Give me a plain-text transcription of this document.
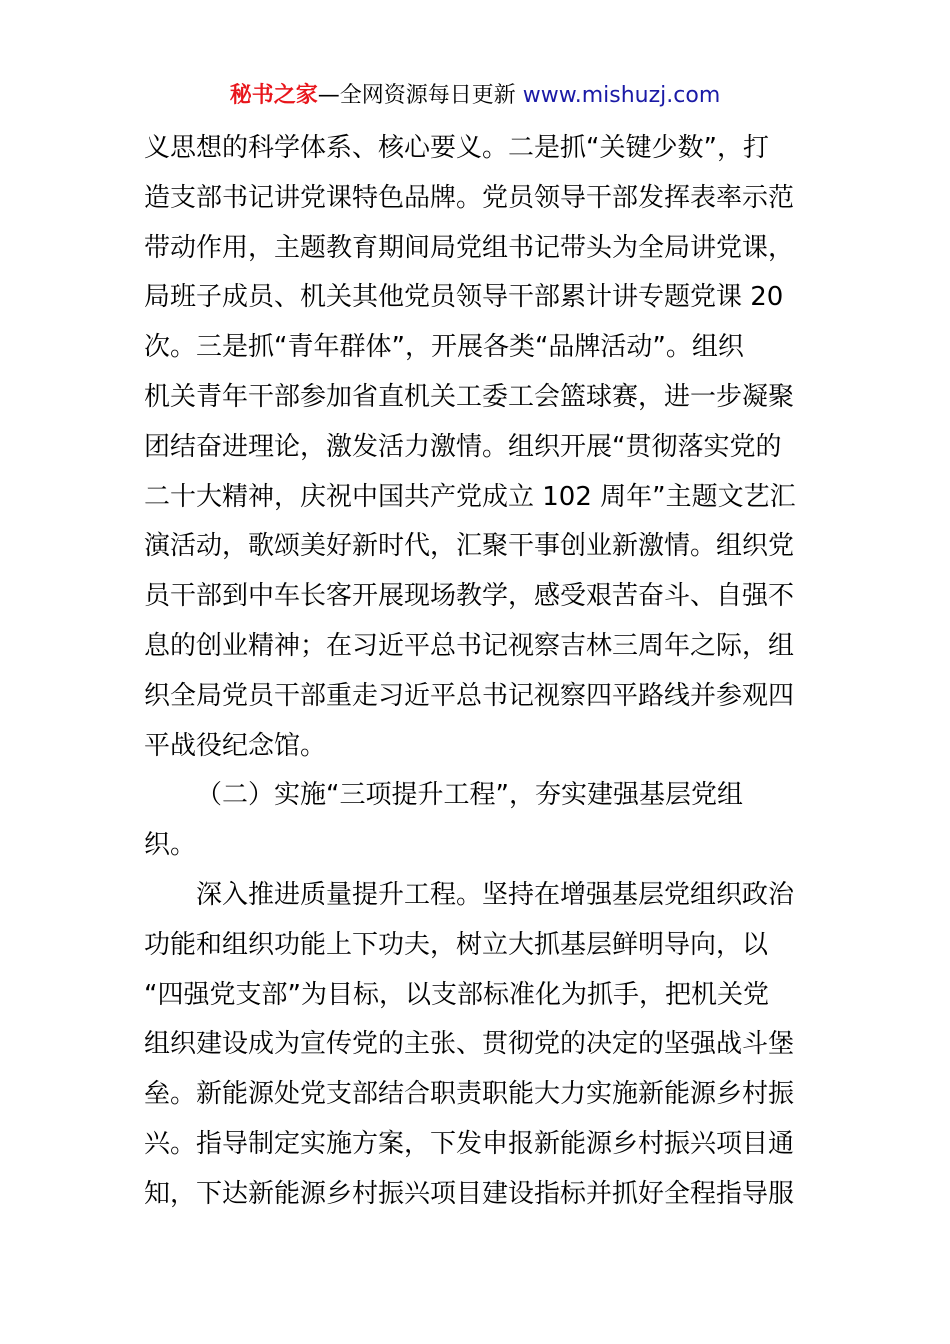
秘书之家—全网资源每日更新 www.mishuzj.com
义思想的科学体系、核心要义。二是抓“关键少数”，打
造支部书记讲党课特色品牌。党员领导干部发挥表率示范
带动作用，主题教育期间局党组书记带头为全局讲党课，
局班子成员、机关其他党员领导干部累计讲专题党课 20
次。三是抓“青年群体”，开展各类“品牌活动”。组织
机关青年干部参加省直机关工委工会篮球赛，进一步凝聚
团结奋进理论，激发活力激情。组织开展“贯彻落实党的
二十大精神，庆祝中国共产党成立 102 周年”主题文艺汇
演活动，歌颂美好新时代，汇聚干事创业新激情。组织党
员干部到中车长客开展现场教学，感受艰苦奋斗、自强不
息的创业精神；在习近平总书记视察吉林三周年之际，组
织全局党员干部重走习近平总书记视察四平路线并参观四
平战役纪念馆。
（二）实施“三项提升工程”，夯实建强基层党组
织。
深入推进质量提升工程。坚持在增强基层党组织政治
功能和组织功能上下功夫，树立大抓基层鲜明导向，以
“四强党支部”为目标，以支部标准化为抓手，把机关党
组织建设成为宣传党的主张、贯彻党的决定的坚强战斗堡
垒。新能源处党支部结合职责职能大力实施新能源乡村振
兴。指导制定实施方案，下发申报新能源乡村振兴项目通
知，下达新能源乡村振兴项目建设指标并抓好全程指导服
